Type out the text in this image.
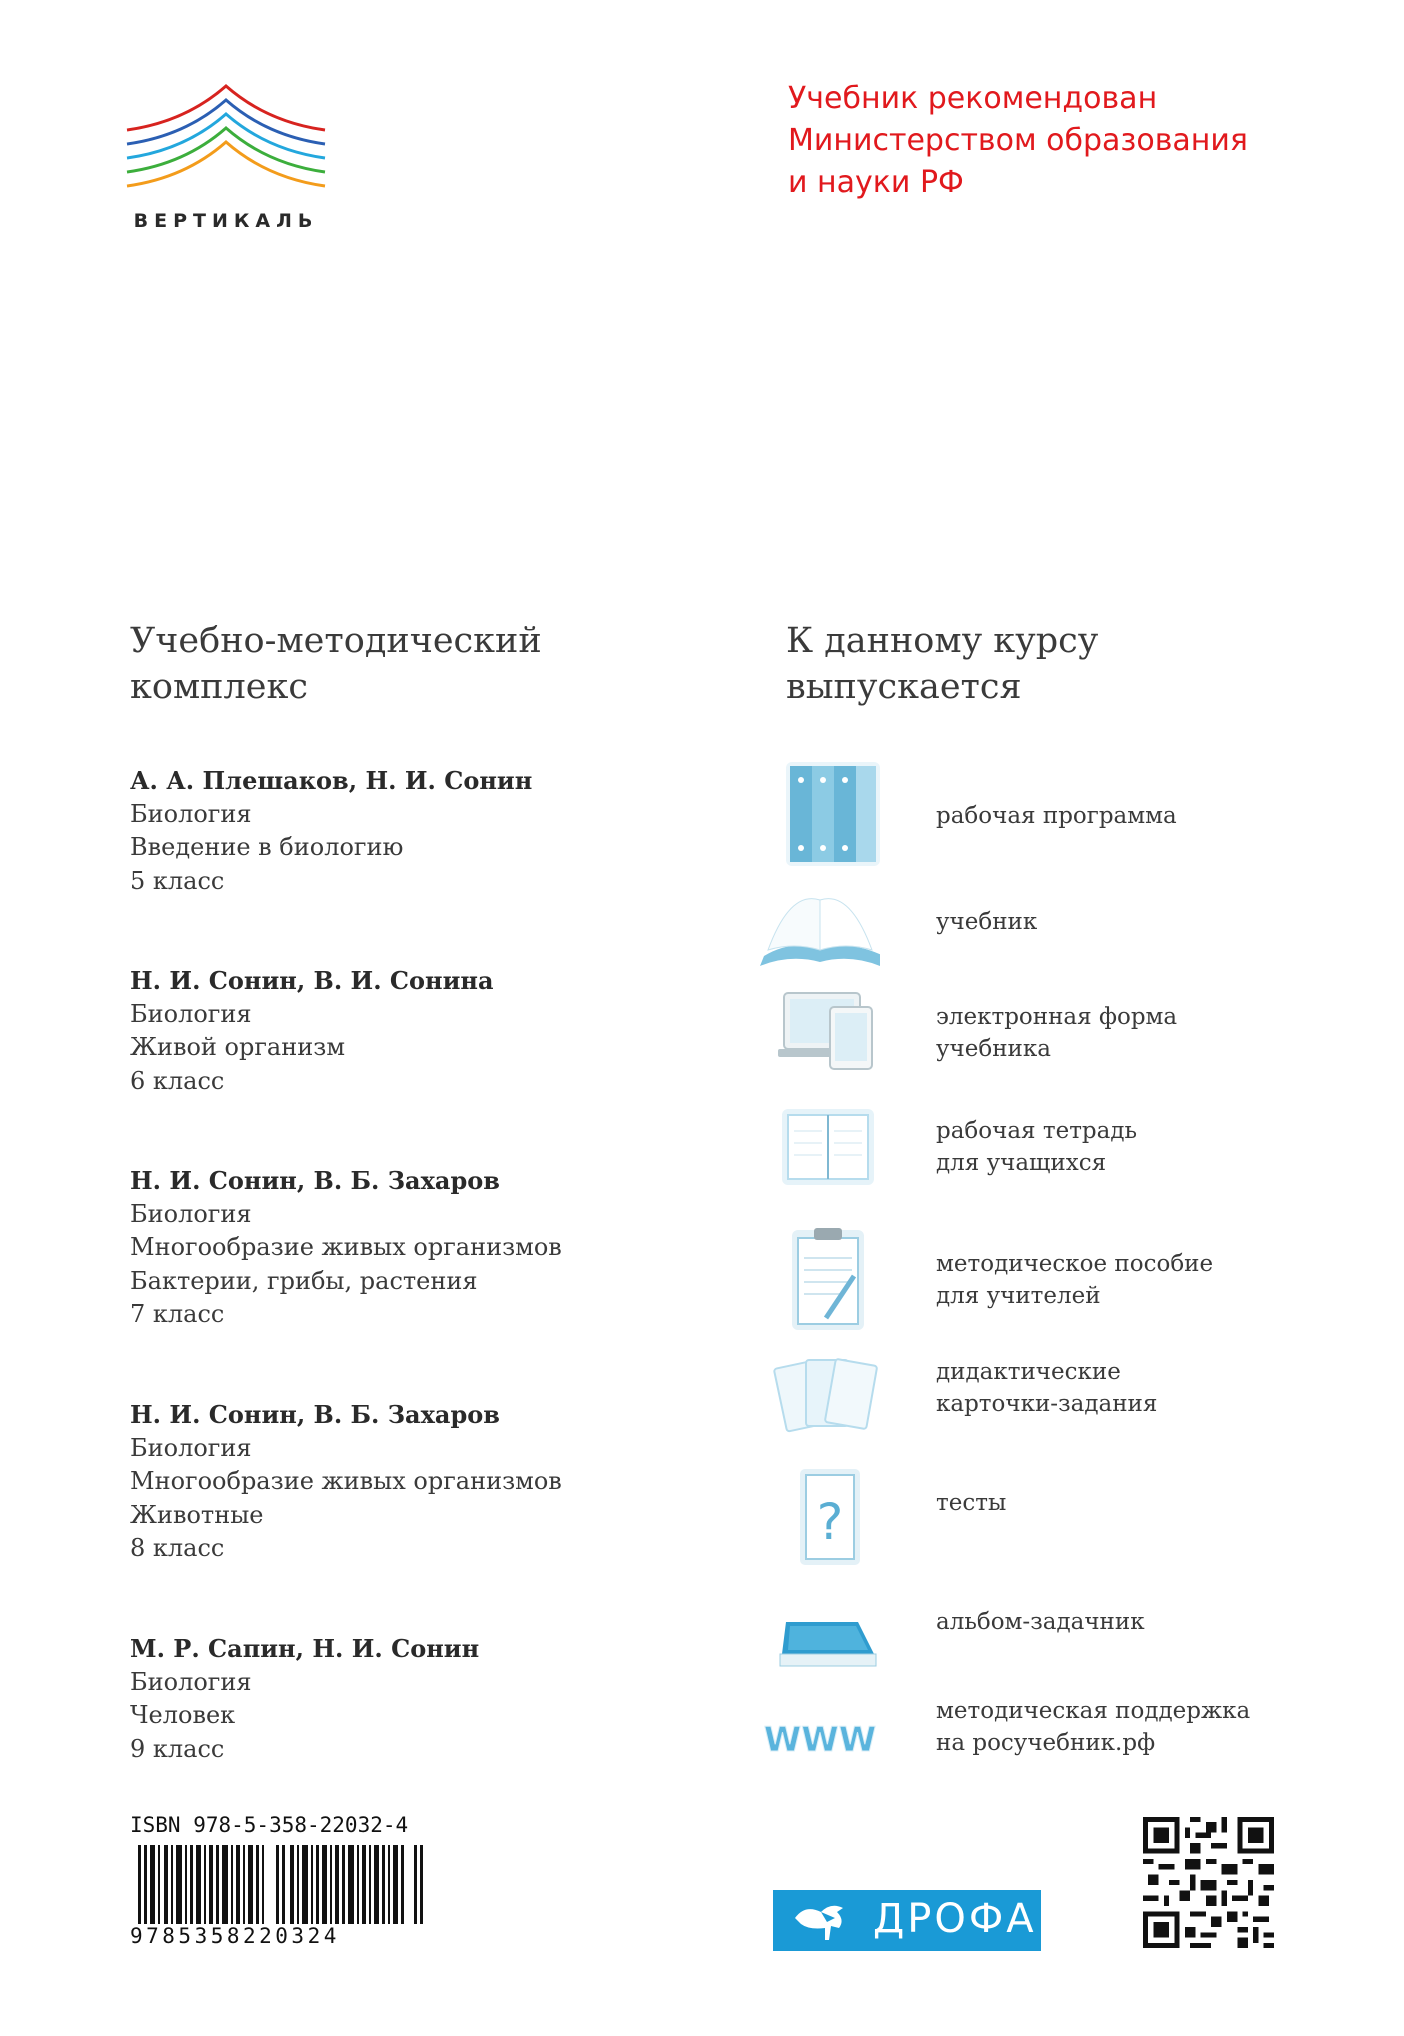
ВЕРТИКАЛЬ
Учебник рекомендован
Министерством образования
и науки РФ
Учебно-методический
комплекс
А. А. Плешаков, Н. И. Сонин
Биология
Введение в биологию
5 класс
Н. И. Сонин, В. И. Сонина
Биология
Живой организм
6 класс
Н. И. Сонин, В. Б. Захаров
Биология
Многообразие живых организмов
Бактерии, грибы, растения
7 класс
Н. И. Сонин, В. Б. Захаров
Биология
Многообразие живых организмов
Животные
8 класс
М. Р. Сапин, Н. И. Сонин
Биология
Человек
9 класс
К данному курсу
выпускается
рабочая программа
учебник
электронная форма
учебника
рабочая тетрадь
для учащихся
методическое пособие
для учителей
дидактические
карточки-задания
?	тесты
альбом-задачник
WWW
методическая поддержка
на росучебник.рф
ISBN 978-5-358-22032-4
9785358220324	ДРОФА
